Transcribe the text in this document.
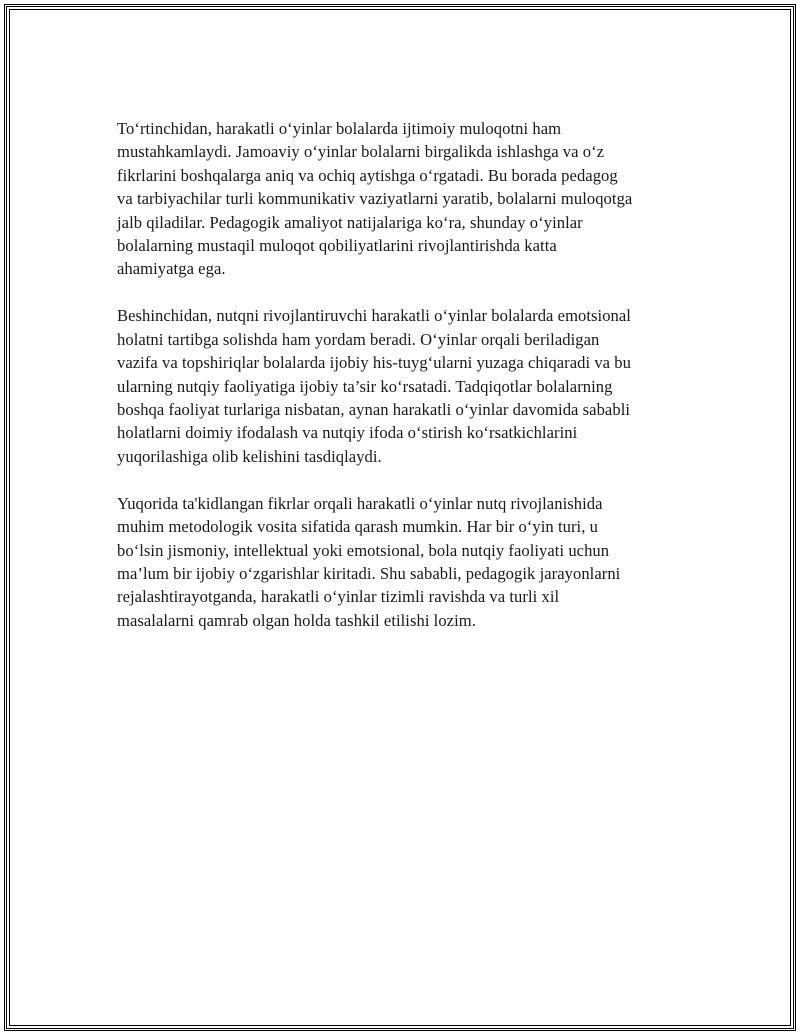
To‘rtinchidan, harakatli o‘yinlar bolalarda ijtimoiy muloqotni ham
mustahkamlaydi. Jamoaviy o‘yinlar bolalarni birgalikda ishlashga va o‘z
fikrlarini boshqalarga aniq va ochiq aytishga o‘rgatadi. Bu borada pedagog
va tarbiyachilar turli kommunikativ vaziyatlarni yaratib, bolalarni muloqotga
jalb qiladilar. Pedagogik amaliyot natijalariga ko‘ra, shunday o‘yinlar
bolalarning mustaqil muloqot qobiliyatlarini rivojlantirishda katta
ahamiyatga ega.

Beshinchidan, nutqni rivojlantiruvchi harakatli o‘yinlar bolalarda emotsional
holatni tartibga solishda ham yordam beradi. O‘yinlar orqali beriladigan
vazifa va topshiriqlar bolalarda ijobiy his-tuyg‘ularni yuzaga chiqaradi va bu
ularning nutqiy faoliyatiga ijobiy ta’sir ko‘rsatadi. Tadqiqotlar bolalarning
boshqa faoliyat turlariga nisbatan, aynan harakatli o‘yinlar davomida sababli
holatlarni doimiy ifodalash va nutqiy ifoda o‘stirish ko‘rsatkichlarini
yuqorilashiga olib kelishini tasdiqlaydi.

Yuqorida ta'kidlangan fikrlar orqali harakatli o‘yinlar nutq rivojlanishida
muhim metodologik vosita sifatida qarash mumkin. Har bir o‘yin turi, u
bo‘lsin jismoniy, intellektual yoki emotsional, bola nutqiy faoliyati uchun
ma’lum bir ijobiy o‘zgarishlar kiritadi. Shu sababli, pedagogik jarayonlarni
rejalashtirayotganda, harakatli o‘yinlar tizimli ravishda va turli xil
masalalarni qamrab olgan holda tashkil etilishi lozim.
